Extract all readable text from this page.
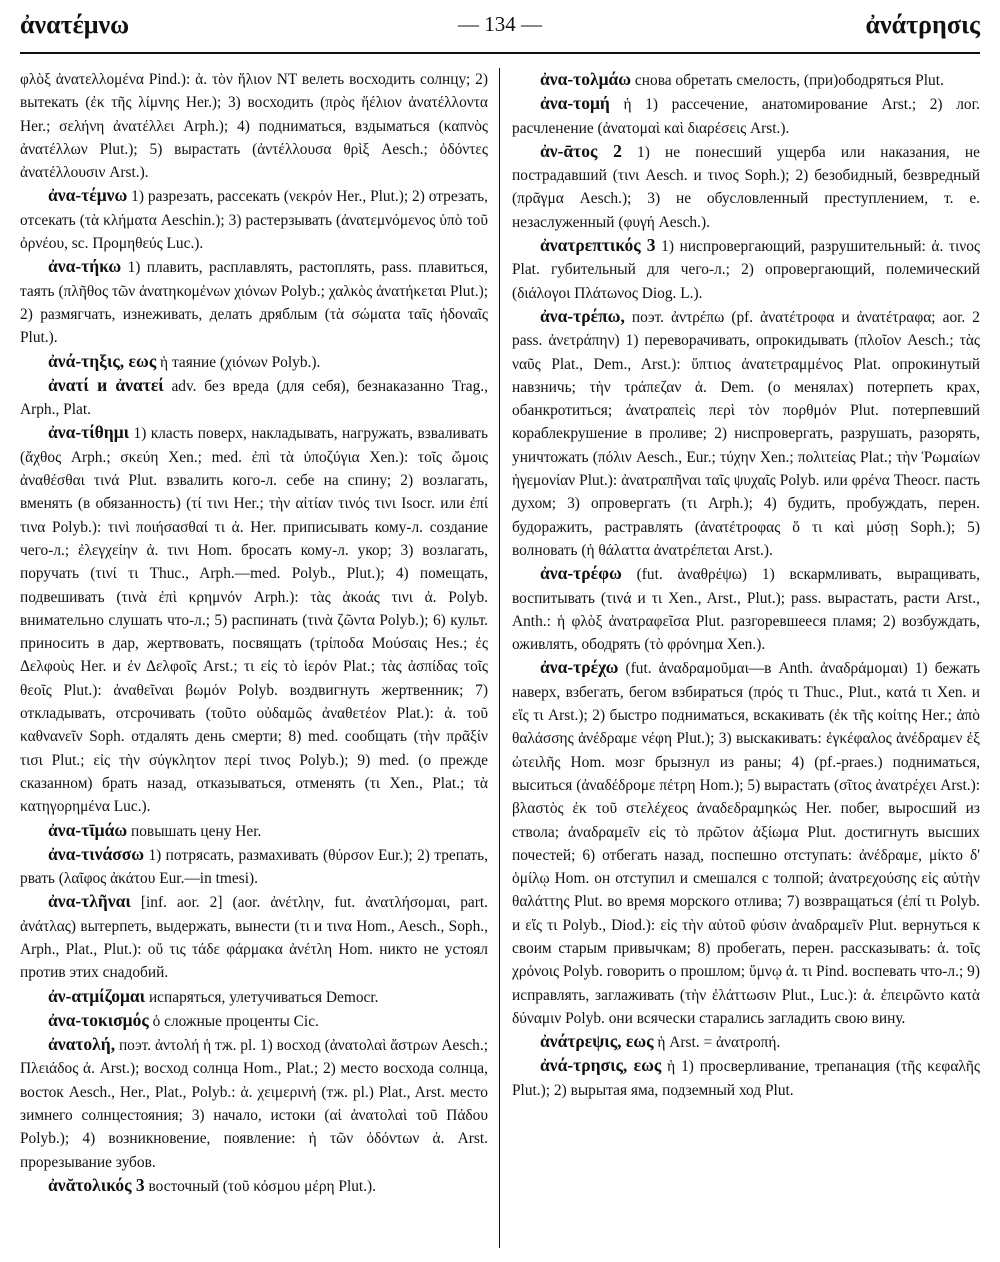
ἀνατέμνω	— 134 —	ἀνάτρησις

φλὸξ ἀνατελλομένα Pind.): ἀ. τὸν ἥλιον NT велеть восходить солнцу; 2) вытекать (ἐκ τῆς λίμνης Her.); 3) восходить (πρὸς ἥέλιον ἀνατέλλοντα Her.; σελήνη ἀνατέλλει Arph.); 4) подниматься, вздыматься (καπνὸς ἀνατέλλων Plut.); 5) вырастать (ἀντέλλουσα θρὶξ Aesch.; ὀδόντες ἀνατέλλουσιν Arst.).

ἀνα-τέμνω 1) разрезать, рассекать (νεκρόν Her., Plut.); 2) отрезать, отсекать (τὰ κλήματα Aeschin.); 3) растерзывать (ἀνατεμνόμενος ὑπὸ τοῦ ὀρνέου, sc. Προμηθεύς Luc.).

ἀνα-τήκω 1) плавить, расплавлять, растоплять, pass. плавиться, таять (πλῆθος τῶν ἀνατηκομένων χιόνων Polyb.; χαλκὸς ἀνατήκεται Plut.); 2) размягчать, изнеживать, делать дряблым (τὰ σώματα ταῖς ἡδοναῖς Plut.).

ἀνά-τηξις, εως ἡ таяние (χιόνων Polyb.).

ἀνατί и ἀνατεί adv. без вреда (для себя), безнаказанно Trag., Arph., Plat.

ἀνα-τίθημι 1) класть поверх, накладывать, нагружать, взваливать (ἄχθος Arph.; σκεύη Xen.; med. ἐπὶ τὰ ὑποζύγια Xen.): τοῖς ὤμοις ἀναθέσθαι τινά Plut. взвалить кого-л. себе на спину; 2) возлагать, вменять (в обязанность) (τί τινι Her.; τὴν αἰτίαν τινός τινι Isocr. или ἐπί τινα Polyb.): τινὶ ποιήσασθαί τι ἀ. Her. приписывать кому-л. создание чего-л.; ἐλεγχείην ἀ. τινι Hom. бросать кому-л. укор; 3) возлагать, поручать (τινί τι Thuc., Arph.—med. Polyb., Plut.); 4) помещать, подвешивать (τινὰ ἐπὶ κρημνόν Arph.): τὰς ἀκοάς τινι ἀ. Polyb. внимательно слушать что-л.; 5) распинать (τινὰ ζῶντα Polyb.); 6) культ. приносить в дар, жертвовать, посвящать (τρίποδα Μούσαις Hes.; ἐς Δελφοὺς Her. и ἐν Δελφοῖς Arst.; τι εἰς τὸ ἱερόν Plat.; τὰς ἀσπίδας τοῖς θεοῖς Plut.): ἀναθεῖναι βωμόν Polyb. воздвигнуть жертвенник; 7) откладывать, отсрочивать (τοῦτο οὐδαμῶς ἀναθετέον Plat.): ἀ. τοῦ καθνανεῖν Soph. отдалять день смерти; 8) med. сообщать (τὴν πρᾶξίν τισι Plut.; εἰς τὴν σύγκλητον περί τινος Polyb.); 9) med. (о прежде сказанном) брать назад, отказываться, отменять (τι Xen., Plat.; τὰ κατηγορημένα Luc.).

ἀνα-τῑμάω повышать цену Her.

ἀνα-τινάσσω 1) потрясать, размахивать (θύρσον Eur.); 2) трепать, рвать (λαῖφος ἀκάτου Eur.—in tmesi).

ἀνα-τλῆναι [inf. aor. 2] (aor. ἀνέτλην, fut. ἀνατλήσομαι, part. ἀνάτλας) вытерпеть, выдержать, вынести (τι и τινα Hom., Aesch., Soph., Arph., Plat., Plut.): οὔ τις τάδε φάρμακα ἀνέτλη Hom. никто не устоял против этих снадобий.

ἀν-ατμίζομαι испаряться, улетучиваться Democr.

ἀνα-τοκισμός ὁ сложные проценты Cic.

ἀνατολή, поэт. ἀντολή ἡ тж. pl. 1) восход (ἀνατολαὶ ἄστρων Aesch.; Πλειάδος ἀ. Arst.); восход солнца Hom., Plat.; 2) место восхода солнца, восток Aesch., Her., Plat., Polyb.: ἀ. χειμερινή (тж. pl.) Plat., Arst. место зимнего солнцестояния; 3) начало, истоки (αἱ ἀνατολαὶ τοῦ Πάδου Polyb.); 4) возникновение, появление: ἡ τῶν ὀδόντων ἀ. Arst. прорезывание зубов.

ἀνᾰτολικός 3 восточный (τοῦ κόσμου μέρη Plut.).

ἀνα-τολμάω снова обретать смелость, (при)ободряться Plut.

ἀνα-τομή ἡ 1) рассечение, анатомирование Arst.; 2) лог. расчленение (ἀνατομαὶ καὶ διαρέσεις Arst.).

ἀν-ᾱτος 2 1) не понесший ущерба или наказания, не пострадавший (τινι Aesch. и τινος Soph.); 2) безобидный, безвредный (πρᾶγμα Aesch.); 3) не обусловленный преступлением, т. е. незаслуженный (φυγή Aesch.).

ἀνατρεπτικός 3 1) ниспровергающий, разрушительный: ἀ. τινος Plat. губительный для чего-л.; 2) опровергающий, полемический (διάλογοι Πλάτωνος Diog. L.).

ἀνα-τρέπω, поэт. ἀντρέπω (pf. ἀνατέτροφα и ἀνατέτραφα; aor. 2 pass. ἀνετράπην) 1) переворачивать, опрокидывать (πλοῖον Aesch.; τὰς ναῦς Plat., Dem., Arst.): ὕπτιος ἀνατετραμμένος Plat. опрокинутый навзничь; τὴν τράπεζαν ἀ. Dem. (о менялах) потерпеть крах, обанкротиться; ἀνατραπεὶς περὶ τὸν πορθμόν Plut. потерпевший кораблекрушение в проливе; 2) ниспровергать, разрушать, разорять, уничтожать (πόλιν Aesch., Eur.; τύχην Xen.; πολιτείας Plat.; τὴν Ῥωμαίων ἡγεμονίαν Plut.): ἀνατραπῆναι ταῖς ψυχαῖς Polyb. или φρένα Theocr. пасть духом; 3) опровергать (τι Arph.); 4) будить, пробуждать, перен. будоражить, растравлять (ἀνατέτροφας ὅ τι καὶ μύσῃ Soph.); 5) волновать (ἡ θάλαττα ἀνατρέπεται Arst.).

ἀνα-τρέφω (fut. ἀναθρέψω) 1) вскармливать, выращивать, воспитывать (τινά и τι Xen., Arst., Plut.); pass. вырастать, расти Arst., Anth.: ἡ φλὸξ ἀνατραφεῖσα Plut. разгоревшееся пламя; 2) возбуждать, оживлять, ободрять (τὸ φρόνημα Xen.).

ἀνα-τρέχω (fut. ἀναδραμοῦμαι—в Anth. ἀναδράμομαι) 1) бежать наверх, взбегать, бегом взбираться (πρός τι Thuc., Plut., κατά τι Xen. и εἴς τι Arst.); 2) быстро подниматься, вскакивать (ἐκ τῆς κοίτης Her.; ἀπὸ θαλάσσης ἀνέδραμε νέφη Plut.); 3) выскакивать: ἐγκέφαλος ἀνέδραμεν ἐξ ὠτειλῆς Hom. мозг брызнул из раны; 4) (pf.-praes.) подниматься, выситься (ἀναδέδρομε πέτρη Hom.); 5) вырастать (σῖτος ἀνατρέχει Arst.): βλαστὸς ἐκ τοῦ στελέχεος ἀναδεδραμηκώς Her. побег, выросший из ствола; ἀναδραμεῖν εἰς τὸ πρῶτον ἀξίωμα Plut. достигнуть высших почестей; 6) отбегать назад, поспешно отступать: ἀνέδραμε, μίκτο δ' ὁμίλῳ Hom. он отступил и смешался с толпой; ἀνατρεχούσης εἰς αὐτὴν θαλάττης Plut. во время морского отлива; 7) возвращаться (ἐπί τι Polyb. и εἴς τι Polyb., Diod.): εἰς τὴν αὑτοῦ φύσιν ἀναδραμεῖν Plut. вернуться к своим старым привычкам; 8) пробегать, перен. рассказывать: ἀ. τοῖς χρόνοις Polyb. говорить о прошлом; ὕμνῳ ἀ. τι Pind. воспевать что-л.; 9) исправлять, заглаживать (τὴν ἐλάττωσιν Plut., Luc.): ἀ. ἐπειρῶντο κατὰ δύναμιν Polyb. они всячески старались загладить свою вину.

ἀνάτρεψις, εως ἡ Arst. = ἀνατροπή.

ἀνά-τρησις, εως ἡ 1) просверливание, трепанация (τῆς κεφαλῆς Plut.); 2) вырытая яма, подземный ход Plut.
